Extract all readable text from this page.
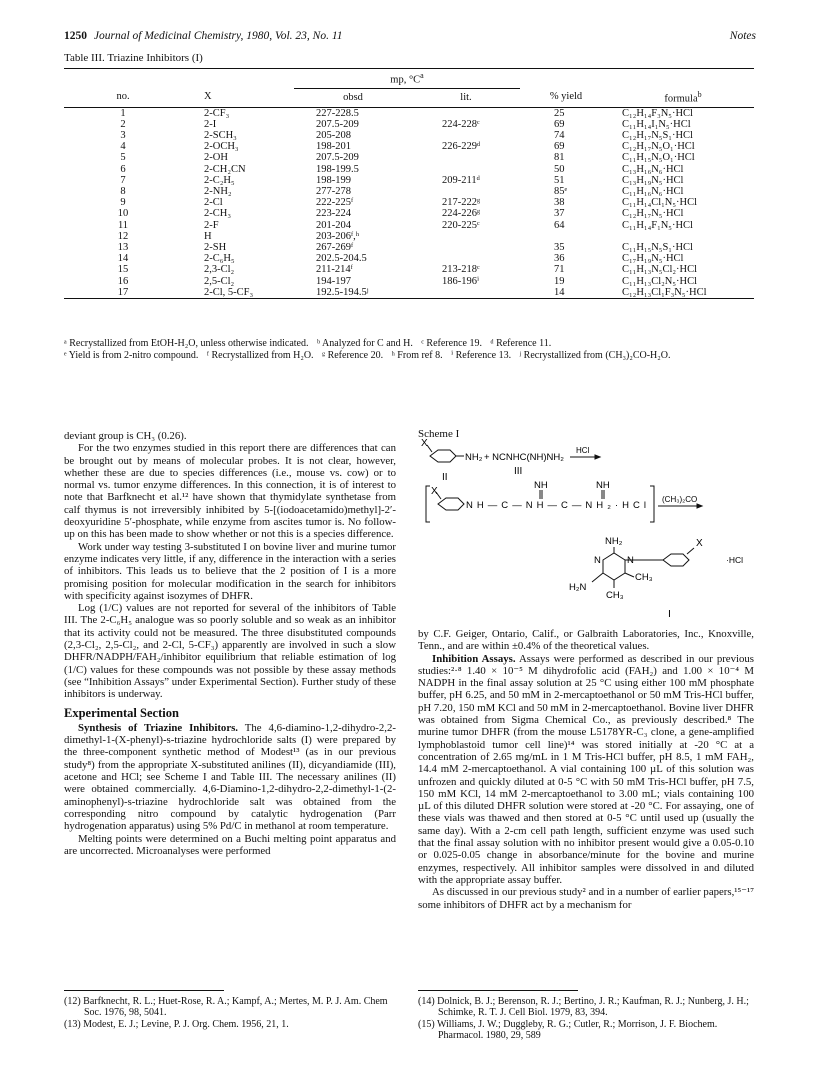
1250 Journal of Medicinal Chemistry, 1980, Vol. 23, No. 11	Notes
Table III. Triazine Inhibitors (I)
		mp, $^\circ C^a$		
no.	X	obsd	lit.	% yield	formula$^b$
1	2-CF₃	227-228.5		25	C₁₂H₁₄F₃N₅·HCl
2	2-I	207.5-209	224-228ᶜ	69	C₁₁H₁₄I₁N₅·HCl
3	2-SCH₃	205-208		74	C₁₂H₁₇N₅S₁·HCl
4	2-OCH₃	198-201	226-229ᵈ	69	C₁₂H₁₇N₅O₁·HCl
5	2-OH	207.5-209		81	C₁₁H₁₅N₅O₁·HCl
6	2-CH₂CN	198-199.5		50	C₁₃H₁₆N₆·HCl
7	2-C₂H₅	198-199	209-211ᵈ	51	C₁₃H₁₉N₅·HCl
8	2-NH₂	277-278		85ᵉ	C₁₁H₁₆N₆·HCl
9	2-Cl	222-225ᶠ	217-222ᵍ	38	C₁₁H₁₄Cl₁N₅·HCl
10	2-CH₃	223-224	224-226ᵍ	37	C₁₂H₁₇N₅·HCl
11	2-F	201-204	220-225ᶜ	64	C₁₁H₁₄F₁N₅·HCl
12	H	203-206ᶠ,ʰ			
13	2-SH	267-269ᶠ		35	C₁₁H₁₅N₅S₁·HCl
14	2-C₆H₅	202.5-204.5		36	C₁₇H₁₉N₅·HCl
15	2,3-Cl₂	211-214ᶠ	213-218ᶜ	71	C₁₁H₁₃N₅Cl₂·HCl
16	2,5-Cl₂	194-197	186-196ⁱ	19	C₁₁H₁₃Cl₂N₅·HCl
17	2-Cl, 5-CF₃	192.5-194.5ʲ		14	C₁₂H₁₃Cl₁F₃N₅·HCl
ᵃ Recrystallized from EtOH-H₂O, unless otherwise indicated. ᵇ Analyzed for C and H. ᶜ Reference 19. ᵈ Reference 11.
ᵉ Yield is from 2-nitro compound. ᶠ Recrystallized from H₂O. ᵍ Reference 20. ʰ From ref 8. ⁱ Reference 13. ʲ Recrystallized from (CH₃)₂CO-H₂O.

deviant group is CH₃ (0.26).

For the two enzymes studied in this report there are differences that can be brought out by means of molecular probes. It is not clear, however, whether these are due to species differences (i.e., mouse vs. cow) or to normal vs. tumor enzyme differences. In this connection, it is of interest to note that Barfknecht et al.¹² have shown that thymidylate synthetase from calf thymus is not irreversibly inhibited by 5-[(iodoacetamido)methyl]-2′-deoxyuridine 5′-phosphate, while enzyme from ascites tumor is. No follow-up on this has been made to show whether or not this is a species difference.

Work under way testing 3-substituted I on bovine liver and murine tumor enzyme indicates very little, if any, difference in the interaction with a series of inhibitors. This leads us to believe that the 2 position of I is a more promising position for molecular modification in the search for inhibitors with specificity against isozymes of DHFR.

Log (1/C) values are not reported for several of the inhibitors of Table III. The 2-C₆H₅ analogue was so poorly soluble and so weak as an inhibitor that its activity could not be measured. The three disubstituted compounds (2,3-Cl₂, 2,5-Cl₂, and 2-Cl, 5-CF₃) apparently are involved in such a slow DHFR/NADPH/FAH₂/inhibitor equilibrium that reliable estimation of log (1/C) values for these compounds was not possible by these assay methods (see “Inhibition Assays” under Experimental Section). Further study of these inhibitors is underway.

Experimental Section

Synthesis of Triazine Inhibitors. The 4,6-diamino-1,2-dihydro-2,2-dimethyl-1-(X-phenyl)-s-triazine hydrochloride salts (I) were prepared by the three-component synthetic method of Modest¹³ (as in our previous study⁸) from the appropriate X-substituted anilines (II), dicyandiamide (III), acetone and HCl; see Scheme I and Table III. The necessary anilines (II) were obtained commercially. 4,6-Diamino-1,2-dihydro-2,2-dimethyl-1-(2-aminophenyl)-s-triazine hydrochloride salt was obtained from the corresponding nitro compound by catalytic hydrogenation (Parr hydrogenation apparatus) using 5% Pd/C in methanol at room temperature.

Melting points were determined on a Buchi melting point apparatus and are uncorrected. Microanalyses were performed

Scheme I
X
NH₂ + NCNHC(NH)NH₂
HCl
III
II
X
NH	NH
NH—C—NH—C—NH₂·HCl
(CH₃)₂CO
NH₂
N	N
X
·HCl
CH₃
H₂N
CH₃
I

by C.F. Geiger, Ontario, Calif., or Galbraith Laboratories, Inc., Knoxville, Tenn., and are within ±0.4% of the theoretical values.

Inhibition Assays. Assays were performed as described in our previous studies:²·⁸ 1.40 × 10⁻⁵ M dihydrofolic acid (FAH₂) and 1.00 × 10⁻⁴ M NADPH in the final assay solution at 25 °C using either 100 mM phosphate buffer, pH 6.25, and 50 mM in 2-mercaptoethanol or 50 mM Tris-HCl buffer, pH 7.20, 150 mM KCl and 50 mM in 2-mercaptoethanol. Bovine liver DHFR was obtained from Sigma Chemical Co., as previously described.⁸ The murine tumor DHFR (from the mouse L5178YR-C₃ clone, a gene-amplified lymphoblastoid tumor cell line)¹⁴ was stored initially at -20 °C at a concentration of 2.65 mg/mL in 1 M Tris-HCl buffer, pH 8.5, 1 mM FAH₂, 14.4 mM 2-mercaptoethanol. A vial containing 100 µL of this solution was unfrozen and quickly diluted at 0-5 °C with 50 mM Tris-HCl buffer, pH 7.5, 150 mM KCl, 14 mM 2-mercaptoethanol to 3.00 mL; vials containing 100 µL of this diluted DHFR solution were stored at -20 °C. For assaying, one of these vials was thawed and then stored at 0-5 °C until used up (usually the same day). With a 2-cm cell path length, sufficient enzyme was used such that the final assay solution with no inhibitor present would give a 0.05-0.10 or 0.025-0.05 change in absorbance/minute for the bovine and murine enzymes, respectively. All inhibitor samples were dissolved in and diluted with the appropriate assay buffer.

As discussed in our previous study² and in a number of earlier papers,¹⁵⁻¹⁷ some inhibitors of DHFR act by a mechanism for

(12) Barfknecht, R. L.; Huet-Rose, R. A.; Kampf, A.; Mertes, M. P. J. Am. Chem Soc. 1976, 98, 5041.
(13) Modest, E. J.; Levine, P. J. Org. Chem. 1956, 21, 1.
(14) Dolnick, B. J.; Berenson, R. J.; Bertino, J. R.; Kaufman, R. J.; Nunberg, J. H.; Schimke, R. T. J. Cell Biol. 1979, 83, 394.
(15) Williams, J. W.; Duggleby, R. G.; Cutler, R.; Morrison, J. F. Biochem. Pharmacol. 1980, 29, 589
